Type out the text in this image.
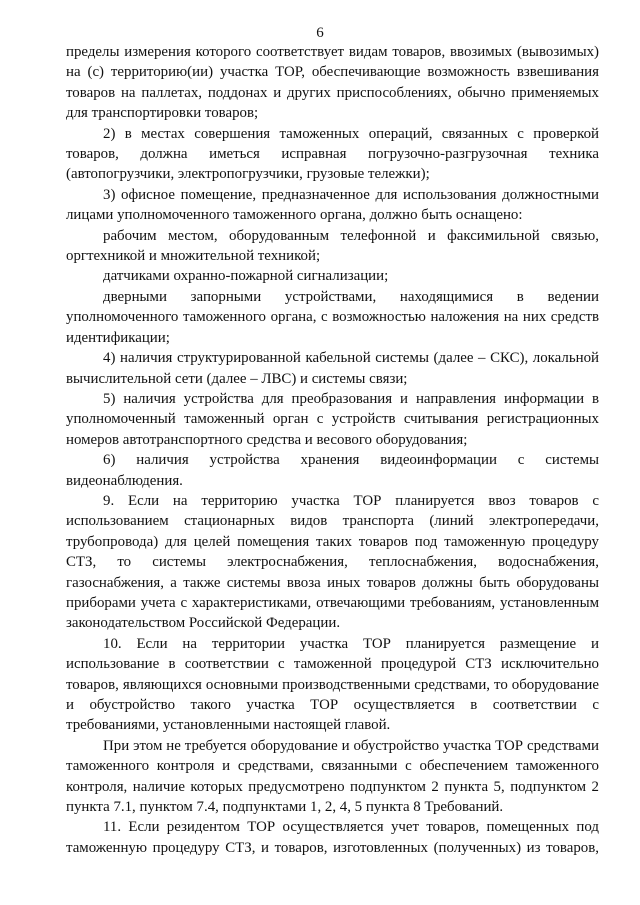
6

пределы измерения которого соответствует видам товаров, ввозимых (вывозимых) на (с) территорию(ии) участка ТОР, обеспечивающие возможность взвешивания товаров на паллетах, поддонах и других приспособлениях, обычно применяемых для транспортировки товаров;

2) в местах совершения таможенных операций, связанных с проверкой товаров, должна иметься исправная погрузочно-разгрузочная техника (автопогрузчики, электропогрузчики, грузовые тележки);

3) офисное помещение, предназначенное для использования должностными лицами уполномоченного таможенного органа, должно быть оснащено:

рабочим местом, оборудованным телефонной и факсимильной связью, оргтехникой и множительной техникой;

датчиками охранно-пожарной сигнализации;

дверными запорными устройствами, находящимися в ведении уполномоченного таможенного органа, с возможностью наложения на них средств идентификации;

4) наличия структурированной кабельной системы (далее – СКС), локальной вычислительной сети (далее – ЛВС) и системы связи;

5) наличия устройства для преобразования и направления информации в уполномоченный таможенный орган с устройств считывания регистрационных номеров автотранспортного средства и весового оборудования;

6) наличия устройства хранения видеоинформации с системы видеонаблюдения.

9. Если на территорию участка ТОР планируется ввоз товаров с использованием стационарных видов транспорта (линий электропередачи, трубопровода) для целей помещения таких товаров под таможенную процедуру СТЗ, то системы электроснабжения, теплоснабжения, водоснабжения, газоснабжения, а также системы ввоза иных товаров должны быть оборудованы приборами учета с характеристиками, отвечающими требованиям, установленным законодательством Российской Федерации.

10. Если на территории участка ТОР планируется размещение и использование в соответствии с таможенной процедурой СТЗ исключительно товаров, являющихся основными производственными средствами, то оборудование и обустройство такого участка ТОР осуществляется в соответствии с требованиями, установленными настоящей главой.

При этом не требуется оборудование и обустройство участка ТОР средствами таможенного контроля и средствами, связанными с обеспечением таможенного контроля, наличие которых предусмотрено подпунктом 2 пункта 5, подпунктом 2 пункта 7.1, пунктом 7.4, подпунктами 1, 2, 4, 5 пункта 8 Требований.

11. Если резидентом ТОР осуществляется учет товаров, помещенных под таможенную процедуру СТЗ, и товаров, изготовленных (полученных) из товаров,
